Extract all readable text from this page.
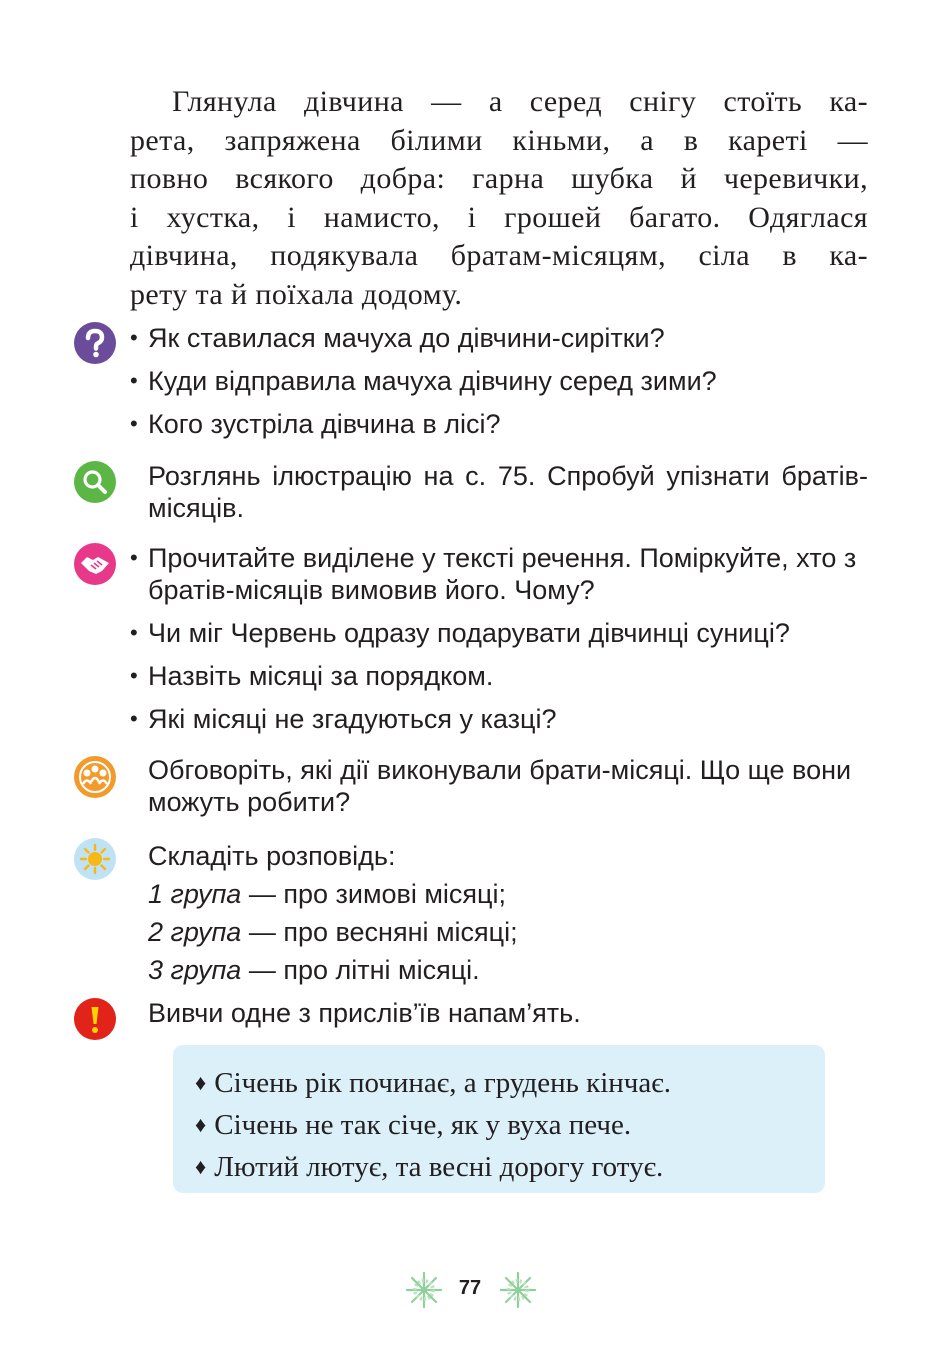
Глянула дівчина — а серед снігу стоїть ка-
рета, запряжена білими кіньми, а в кареті —
повно всякого добра: гарна шубка й черевички,
і хустка, і намисто, і грошей багато. Одяглася
дівчина, подякувала братам-місяцям, сіла в ка-
рету та й поїхала додому.
• Як ставилася мачуха до дівчини-сирітки?
• Куди відправила мачуха дівчину серед зими?
• Кого зустріла дівчина в лісі?
Розглянь ілюстрацію на с. 75. Спробуй упізнати братів-місяців.
• Прочитайте виділене у тексті речення. Поміркуйте, хто з братів-місяців вимовив його. Чому?
• Чи міг Червень одразу подарувати дівчинці суниці?
• Назвіть місяці за порядком.
• Які місяці не згадуються у казці?
Обговоріть, які дії виконували брати-місяці. Що ще вони можуть робити?
Складіть розповідь:
1 група — про зимові місяці;
2 група — про весняні місяці;
3 група — про літні місяці.
Вивчи одне з прислів’їв напам’ять.
♦ Січень рік починає, а грудень кінчає.
♦ Січень не так січе, як у вуха пече.
♦ Лютий лютує, та весні дорогу готує.
77
